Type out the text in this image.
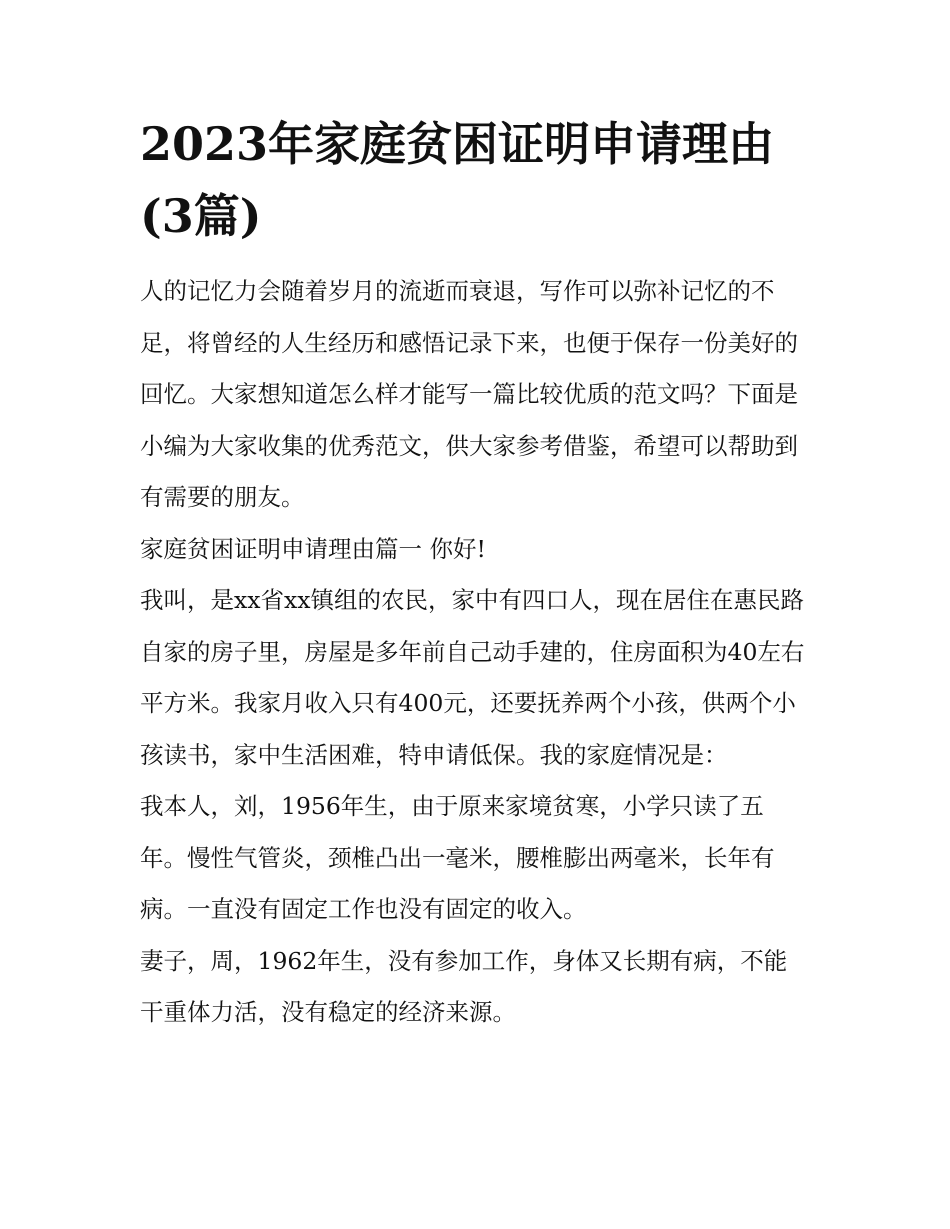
2023年家庭贫困证明申请理由(3篇)

人的记忆力会随着岁月的流逝而衰退，写作可以弥补记忆的不足，将曾经的人生经历和感悟记录下来，也便于保存一份美好的回忆。大家想知道怎么样才能写一篇比较优质的范文吗？下面是小编为大家收集的优秀范文，供大家参考借鉴，希望可以帮助到有需要的朋友。

家庭贫困证明申请理由篇一 你好!

我叫，是xx省xx镇组的农民，家中有四口人，现在居住在惠民路自家的房子里，房屋是多年前自己动手建的，住房面积为40左右平方米。我家月收入只有400元，还要抚养两个小孩，供两个小孩读书，家中生活困难，特申请低保。我的家庭情况是：

我本人，刘，1956年生，由于原来家境贫寒，小学只读了五年。慢性气管炎，颈椎凸出一毫米，腰椎膨出两毫米，长年有病。一直没有固定工作也没有固定的收入。

妻子，周，1962年生，没有参加工作，身体又长期有病，不能干重体力活，没有稳定的经济来源。
